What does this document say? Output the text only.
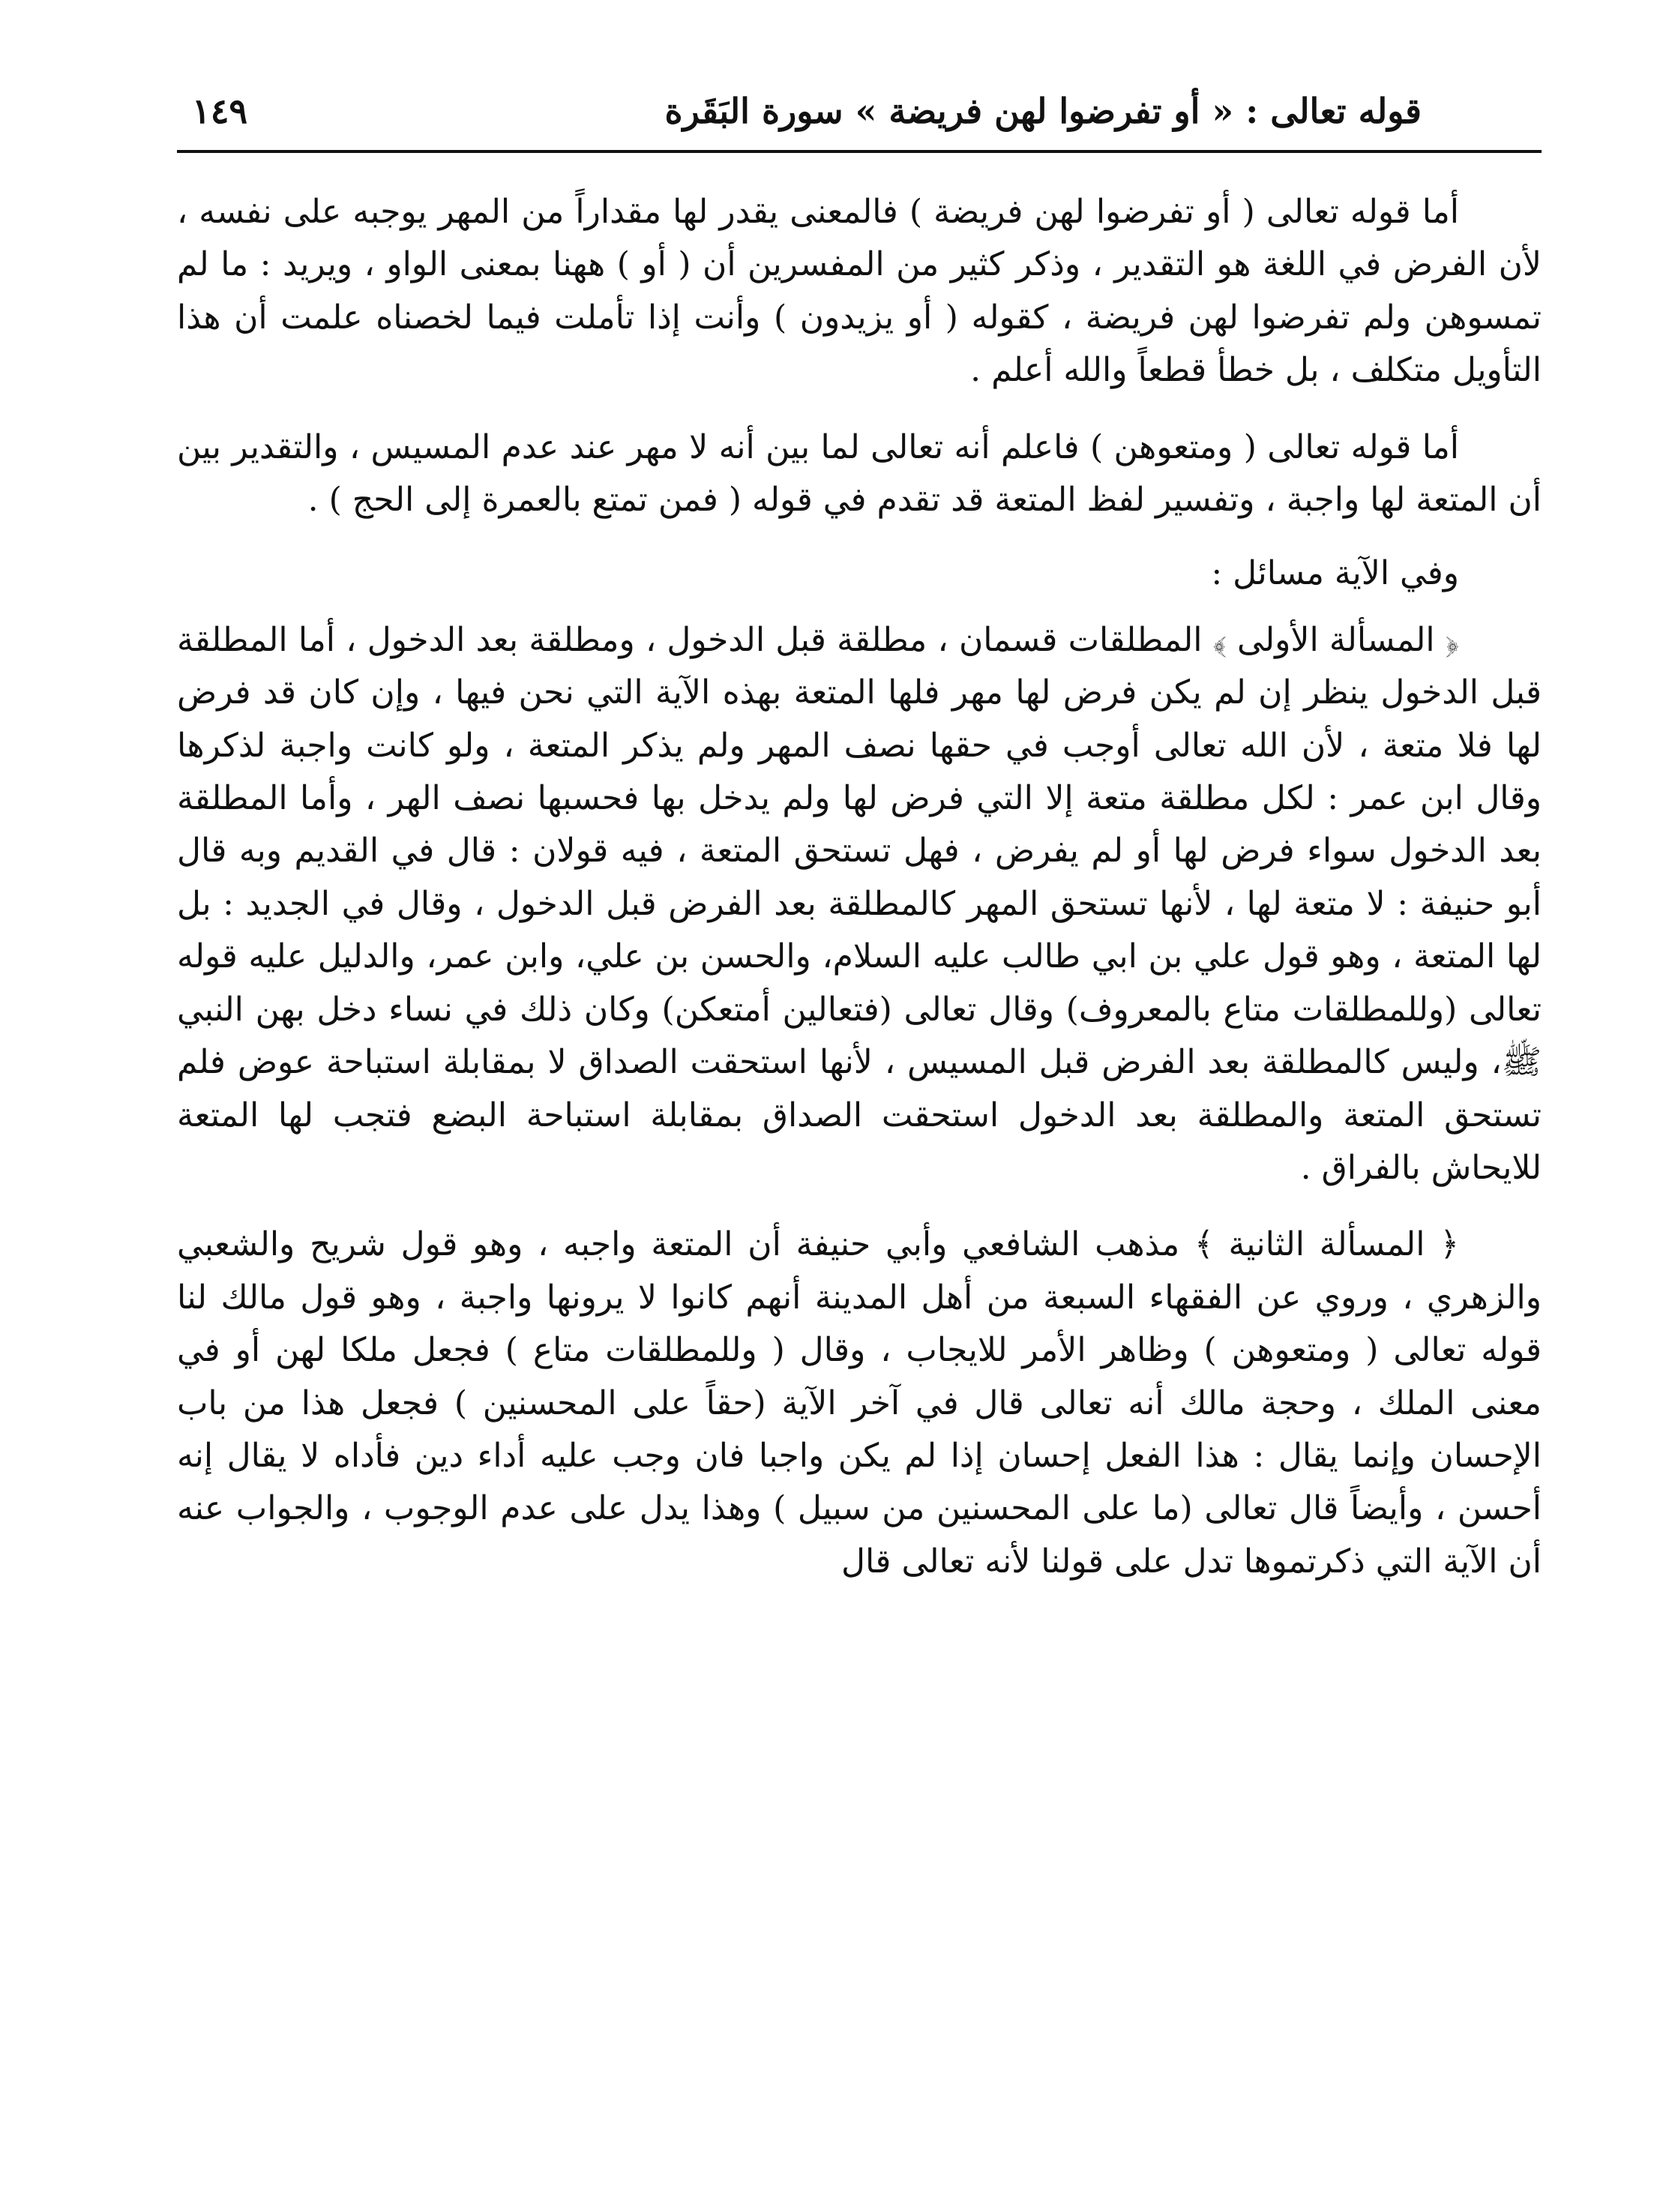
قوله تعالى : « أو تفرضوا لهن فريضة » سورة البَقَرة
١٤٩

أما قوله تعالى ( أو تفرضوا لهن فريضة ) فالمعنى يقدر لها مقداراً من المهر يوجبه على نفسه ، لأن الفرض في اللغة هو التقدير ، وذكر كثير من المفسرين أن ( أو ) ههنا بمعنى الواو ، ويريد : ما لم تمسوهن ولم تفرضوا لهن فريضة ، كقوله ( أو يزيدون ) وأنت إذا تأملت فيما لخصناه علمت أن هذا التأويل متكلف ، بل خطأ قطعاً والله أعلم .

أما قوله تعالى ( ومتعوهن ) فاعلم أنه تعالى لما بين أنه لا مهر عند عدم المسيس ، والتقدير بين أن المتعة لها واجبة ، وتفسير لفظ المتعة قد تقدم في قوله ( فمن تمتع بالعمرة إلى الحج ) .

وفي الآية مسائل :

﴿ المسألة الأولى ﴾ المطلقات قسمان ، مطلقة قبل الدخول ، ومطلقة بعد الدخول ، أما المطلقة قبل الدخول ينظر إن لم يكن فرض لها مهر فلها المتعة بهذه الآية التي نحن فيها ، وإن كان قد فرض لها فلا متعة ، لأن الله تعالى أوجب في حقها نصف المهر ولم يذكر المتعة ، ولو كانت واجبة لذكرها وقال ابن عمر : لكل مطلقة متعة إلا التي فرض لها ولم يدخل بها فحسبها نصف الهر ، وأما المطلقة بعد الدخول سواء فرض لها أو لم يفرض ، فهل تستحق المتعة ، فيه قولان : قال في القديم وبه قال أبو حنيفة : لا متعة لها ، لأنها تستحق المهر كالمطلقة بعد الفرض قبل الدخول ، وقال في الجديد : بل لها المتعة ، وهو قول علي بن ابي طالب عليه السلام، والحسن بن علي، وابن عمر، والدليل عليه قوله تعالى (وللمطلقات متاع بالمعروف) وقال تعالى (فتعالين أمتعكن) وكان ذلك في نساء دخل بهن النبي ﷺ، وليس كالمطلقة بعد الفرض قبل المسيس ، لأنها استحقت الصداق لا بمقابلة استباحة عوض فلم تستحق المتعة والمطلقة بعد الدخول استحقت الصداق بمقابلة استباحة البضع فتجب لها المتعة للايحاش بالفراق .

﴿ المسألة الثانية ﴾ مذهب الشافعي وأبي حنيفة أن المتعة واجبه ، وهو قول شريح والشعبي والزهري ، وروي عن الفقهاء السبعة من أهل المدينة أنهم كانوا لا يرونها واجبة ، وهو قول مالك لنا قوله تعالى ( ومتعوهن ) وظاهر الأمر للايجاب ، وقال ( وللمطلقات متاع ) فجعل ملكا لهن أو في معنى الملك ، وحجة مالك أنه تعالى قال في آخر الآية (حقاً على المحسنين ) فجعل هذا من باب الإحسان وإنما يقال : هذا الفعل إحسان إذا لم يكن واجبا فان وجب عليه أداء دين فأداه لا يقال إنه أحسن ، وأيضاً قال تعالى (ما على المحسنين من سبيل ) وهذا يدل على عدم الوجوب ، والجواب عنه أن الآية التي ذكرتموها تدل على قولنا لأنه تعالى قال
